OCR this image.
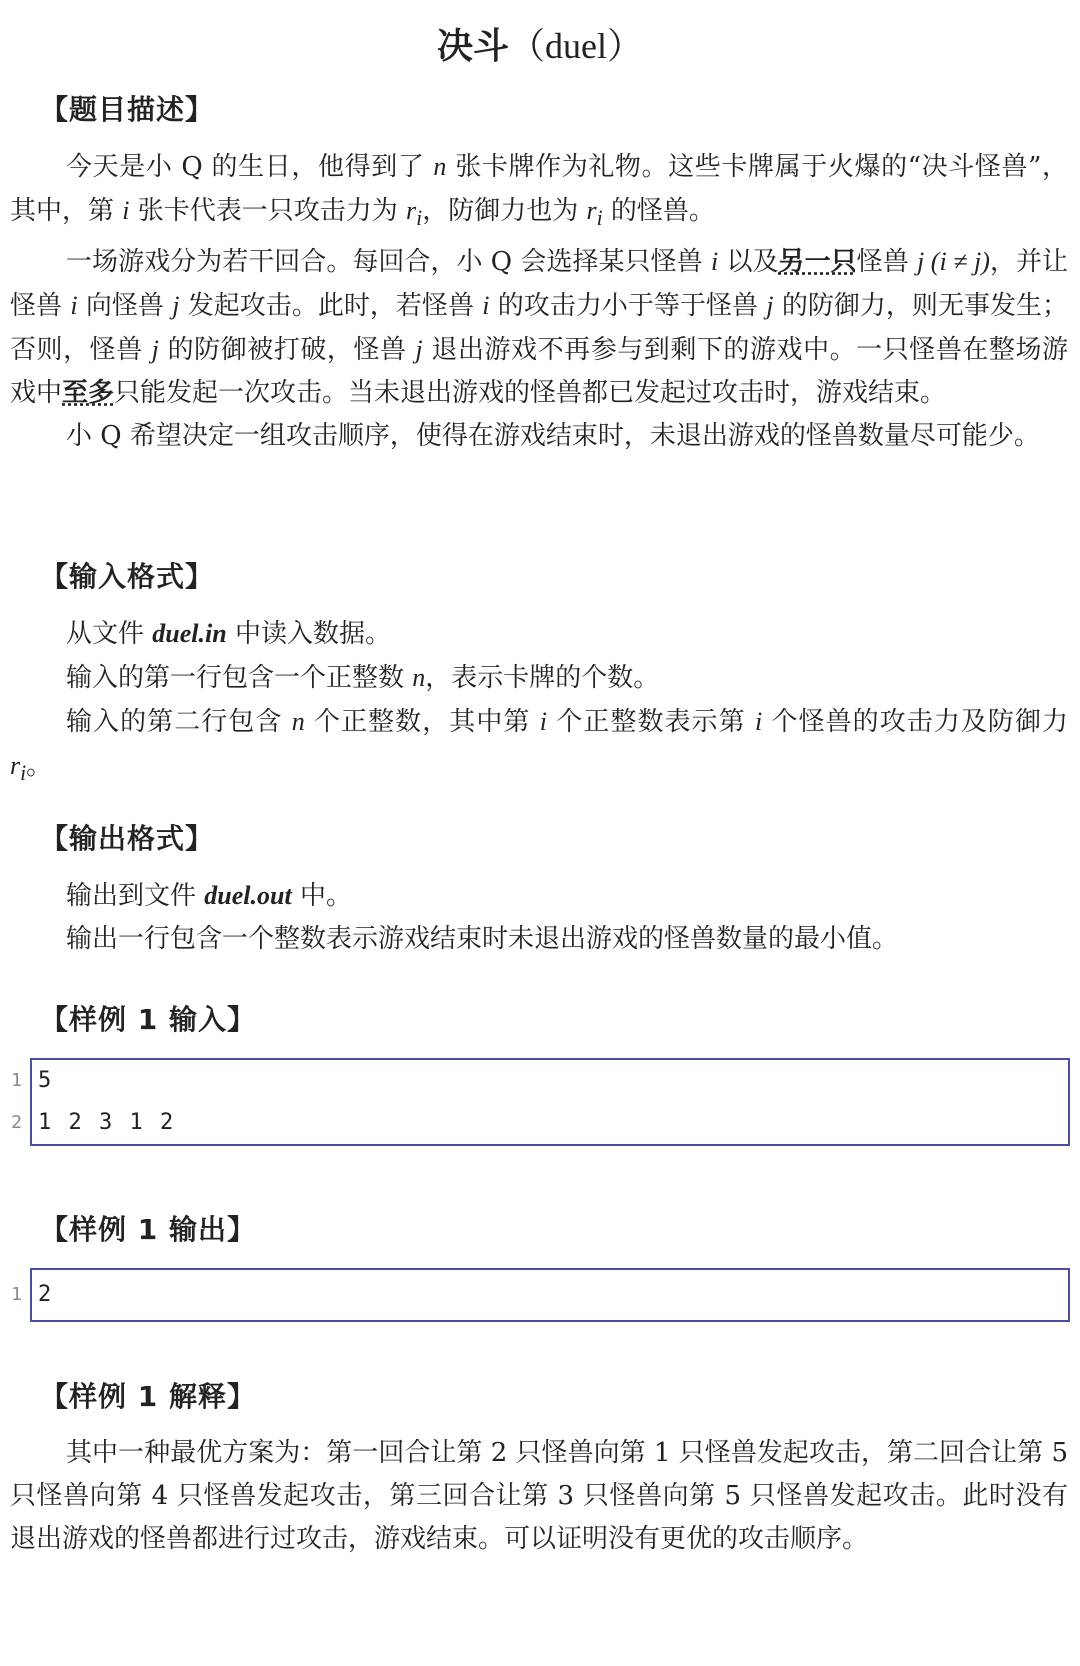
决斗（duel）
【题目描述】

今天是小 Q 的生日，他得到了 n 张卡牌作为礼物。这些卡牌属于火爆的“决斗怪兽”，其中，第 i 张卡代表一只攻击力为 $r_i$，防御力也为 $r_i$ 的怪兽。

一场游戏分为若干回合。每回合，小 Q 会选择某只怪兽 i 以及另一只怪兽 j (i ≠ j)，并让怪兽 i 向怪兽 j 发起攻击。此时，若怪兽 i 的攻击力小于等于怪兽 j 的防御力，则无事发生；否则，怪兽 j 的防御被打破，怪兽 j 退出游戏不再参与到剩下的游戏中。一只怪兽在整场游戏中至多只能发起一次攻击。当未退出游戏的怪兽都已发起过攻击时，游戏结束。

小 Q 希望决定一组攻击顺序，使得在游戏结束时，未退出游戏的怪兽数量尽可能少。

【输入格式】

从文件 duel.in 中读入数据。

输入的第一行包含一个正整数 n，表示卡牌的个数。

输入的第二行包含 n 个正整数，其中第 i 个正整数表示第 i 个怪兽的攻击力及防御力 $r_i$。

【输出格式】

输出到文件 duel.out 中。

输出一行包含一个整数表示游戏结束时未退出游戏的怪兽数量的最小值。

【样例 1 输入】
1 5
2 1 2 3 1 2
【样例 1 输出】
1 2
【样例 1 解释】

其中一种最优方案为：第一回合让第 2 只怪兽向第 1 只怪兽发起攻击，第二回合让第 5 只怪兽向第 4 只怪兽发起攻击，第三回合让第 3 只怪兽向第 5 只怪兽发起攻击。此时没有退出游戏的怪兽都进行过攻击，游戏结束。可以证明没有更优的攻击顺序。
